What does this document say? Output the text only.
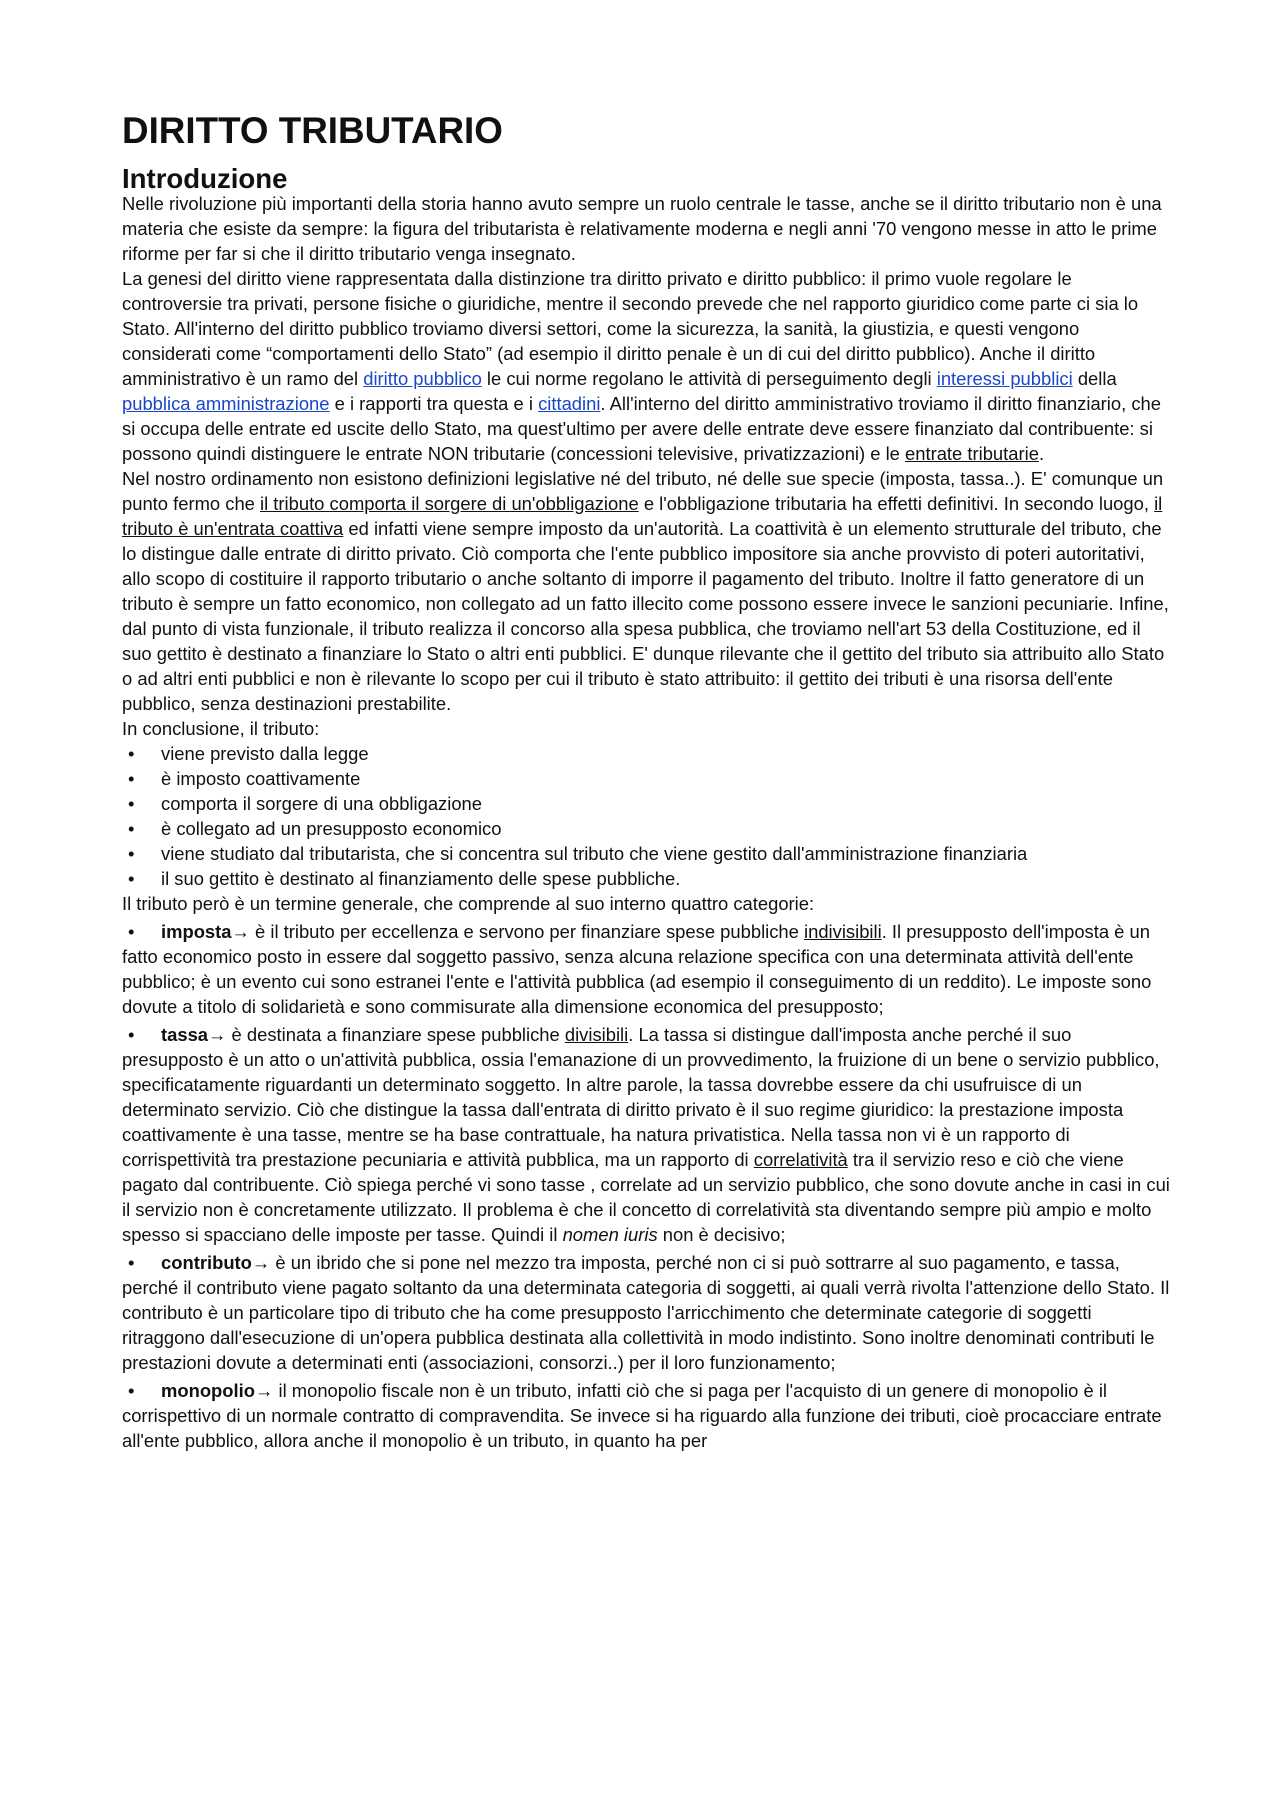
DIRITTO TRIBUTARIO
Introduzione

Nelle rivoluzione più importanti della storia hanno avuto sempre un ruolo centrale le tasse, anche se il diritto tributario non è una materia che esiste da sempre: la figura del tributarista è relativamente moderna e negli anni '70 vengono messe in atto le prime riforme per far si che il diritto tributario venga insegnato.

La genesi del diritto viene rappresentata dalla distinzione tra diritto privato e diritto pubblico: il primo vuole regolare le controversie tra privati, persone fisiche o giuridiche, mentre il secondo prevede che nel rapporto giuridico come parte ci sia lo Stato. All'interno del diritto pubblico troviamo diversi settori, come la sicurezza, la sanità, la giustizia, e questi vengono considerati come “comportamenti dello Stato” (ad esempio il diritto penale è un di cui del diritto pubblico). Anche il diritto amministrativo è un ramo del diritto pubblico le cui norme regolano le attività di perseguimento degli interessi pubblici della pubblica amministrazione e i rapporti tra questa e i cittadini. All'interno del diritto amministrativo troviamo il diritto finanziario, che si occupa delle entrate ed uscite dello Stato, ma quest'ultimo per avere delle entrate deve essere finanziato dal contribuente: si possono quindi distinguere le entrate NON tributarie (concessioni televisive, privatizzazioni) e le entrate tributarie.

Nel nostro ordinamento non esistono definizioni legislative né del tributo, né delle sue specie (imposta, tassa..). E' comunque un punto fermo che il tributo comporta il sorgere di un'obbligazione e l'obbligazione tributaria ha effetti definitivi. In secondo luogo, il tributo è un'entrata coattiva ed infatti viene sempre imposto da un'autorità. La coattività è un elemento strutturale del tributo, che lo distingue dalle entrate di diritto privato. Ciò comporta che l'ente pubblico impositore sia anche provvisto di poteri autoritativi, allo scopo di costituire il rapporto tributario o anche soltanto di imporre il pagamento del tributo. Inoltre il fatto generatore di un tributo è sempre un fatto economico, non collegato ad un fatto illecito come possono essere invece le sanzioni pecuniarie. Infine, dal punto di vista funzionale, il tributo realizza il concorso alla spesa pubblica, che troviamo nell'art 53 della Costituzione, ed il suo gettito è destinato a finanziare lo Stato o altri enti pubblici. E' dunque rilevante che il gettito del tributo sia attribuito allo Stato o ad altri enti pubblici e non è rilevante lo scopo per cui il tributo è stato attribuito: il gettito dei tributi è una risorsa dell'ente pubblico, senza destinazioni prestabilite.

In conclusione, il tributo:

• viene previsto dalla legge
• è imposto coattivamente
• comporta il sorgere di una obbligazione
• è collegato ad un presupposto economico
• viene studiato dal tributarista, che si concentra sul tributo che viene gestito dall'amministrazione finanziaria
• il suo gettito è destinato al finanziamento delle spese pubbliche.

Il tributo però è un termine generale, che comprende al suo interno quattro categorie:

• imposta→ è il tributo per eccellenza e servono per finanziare spese pubbliche indivisibili. Il presupposto dell'imposta è un fatto economico posto in essere dal soggetto passivo, senza alcuna relazione specifica con una determinata attività dell'ente pubblico; è un evento cui sono estranei l'ente e l'attività pubblica (ad esempio il conseguimento di un reddito). Le imposte sono dovute a titolo di solidarietà e sono commisurate alla dimensione economica del presupposto;
• tassa→ è destinata a finanziare spese pubbliche divisibili. La tassa si distingue dall'imposta anche perché il suo presupposto è un atto o un'attività pubblica, ossia l'emanazione di un provvedimento, la fruizione di un bene o servizio pubblico, specificatamente riguardanti un determinato soggetto. In altre parole, la tassa dovrebbe essere da chi usufruisce di un determinato servizio. Ciò che distingue la tassa dall'entrata di diritto privato è il suo regime giuridico: la prestazione imposta coattivamente è una tasse, mentre se ha base contrattuale, ha natura privatistica. Nella tassa non vi è un rapporto di corrispettività tra prestazione pecuniaria e attività pubblica, ma un rapporto di correlatività tra il servizio reso e ciò che viene pagato dal contribuente. Ciò spiega perché vi sono tasse , correlate ad un servizio pubblico, che sono dovute anche in casi in cui il servizio non è concretamente utilizzato. Il problema è che il concetto di correlatività sta diventando sempre più ampio e molto spesso si spacciano delle imposte per tasse. Quindi il nomen iuris non è decisivo;
• contributo→ è un ibrido che si pone nel mezzo tra imposta, perché non ci si può sottrarre al suo pagamento, e tassa, perché il contributo viene pagato soltanto da una determinata categoria di soggetti, ai quali verrà rivolta l'attenzione dello Stato. Il contributo è un particolare tipo di tributo che ha come presupposto l'arricchimento che determinate categorie di soggetti ritraggono dall'esecuzione di un'opera pubblica destinata alla collettività in modo indistinto. Sono inoltre denominati contributi le prestazioni dovute a determinati enti (associazioni, consorzi..) per il loro funzionamento;
• monopolio→ il monopolio fiscale non è un tributo, infatti ciò che si paga per l'acquisto di un genere di monopolio è il corrispettivo di un normale contratto di compravendita. Se invece si ha riguardo alla funzione dei tributi, cioè procacciare entrate all'ente pubblico, allora anche il monopolio è un tributo, in quanto ha per
